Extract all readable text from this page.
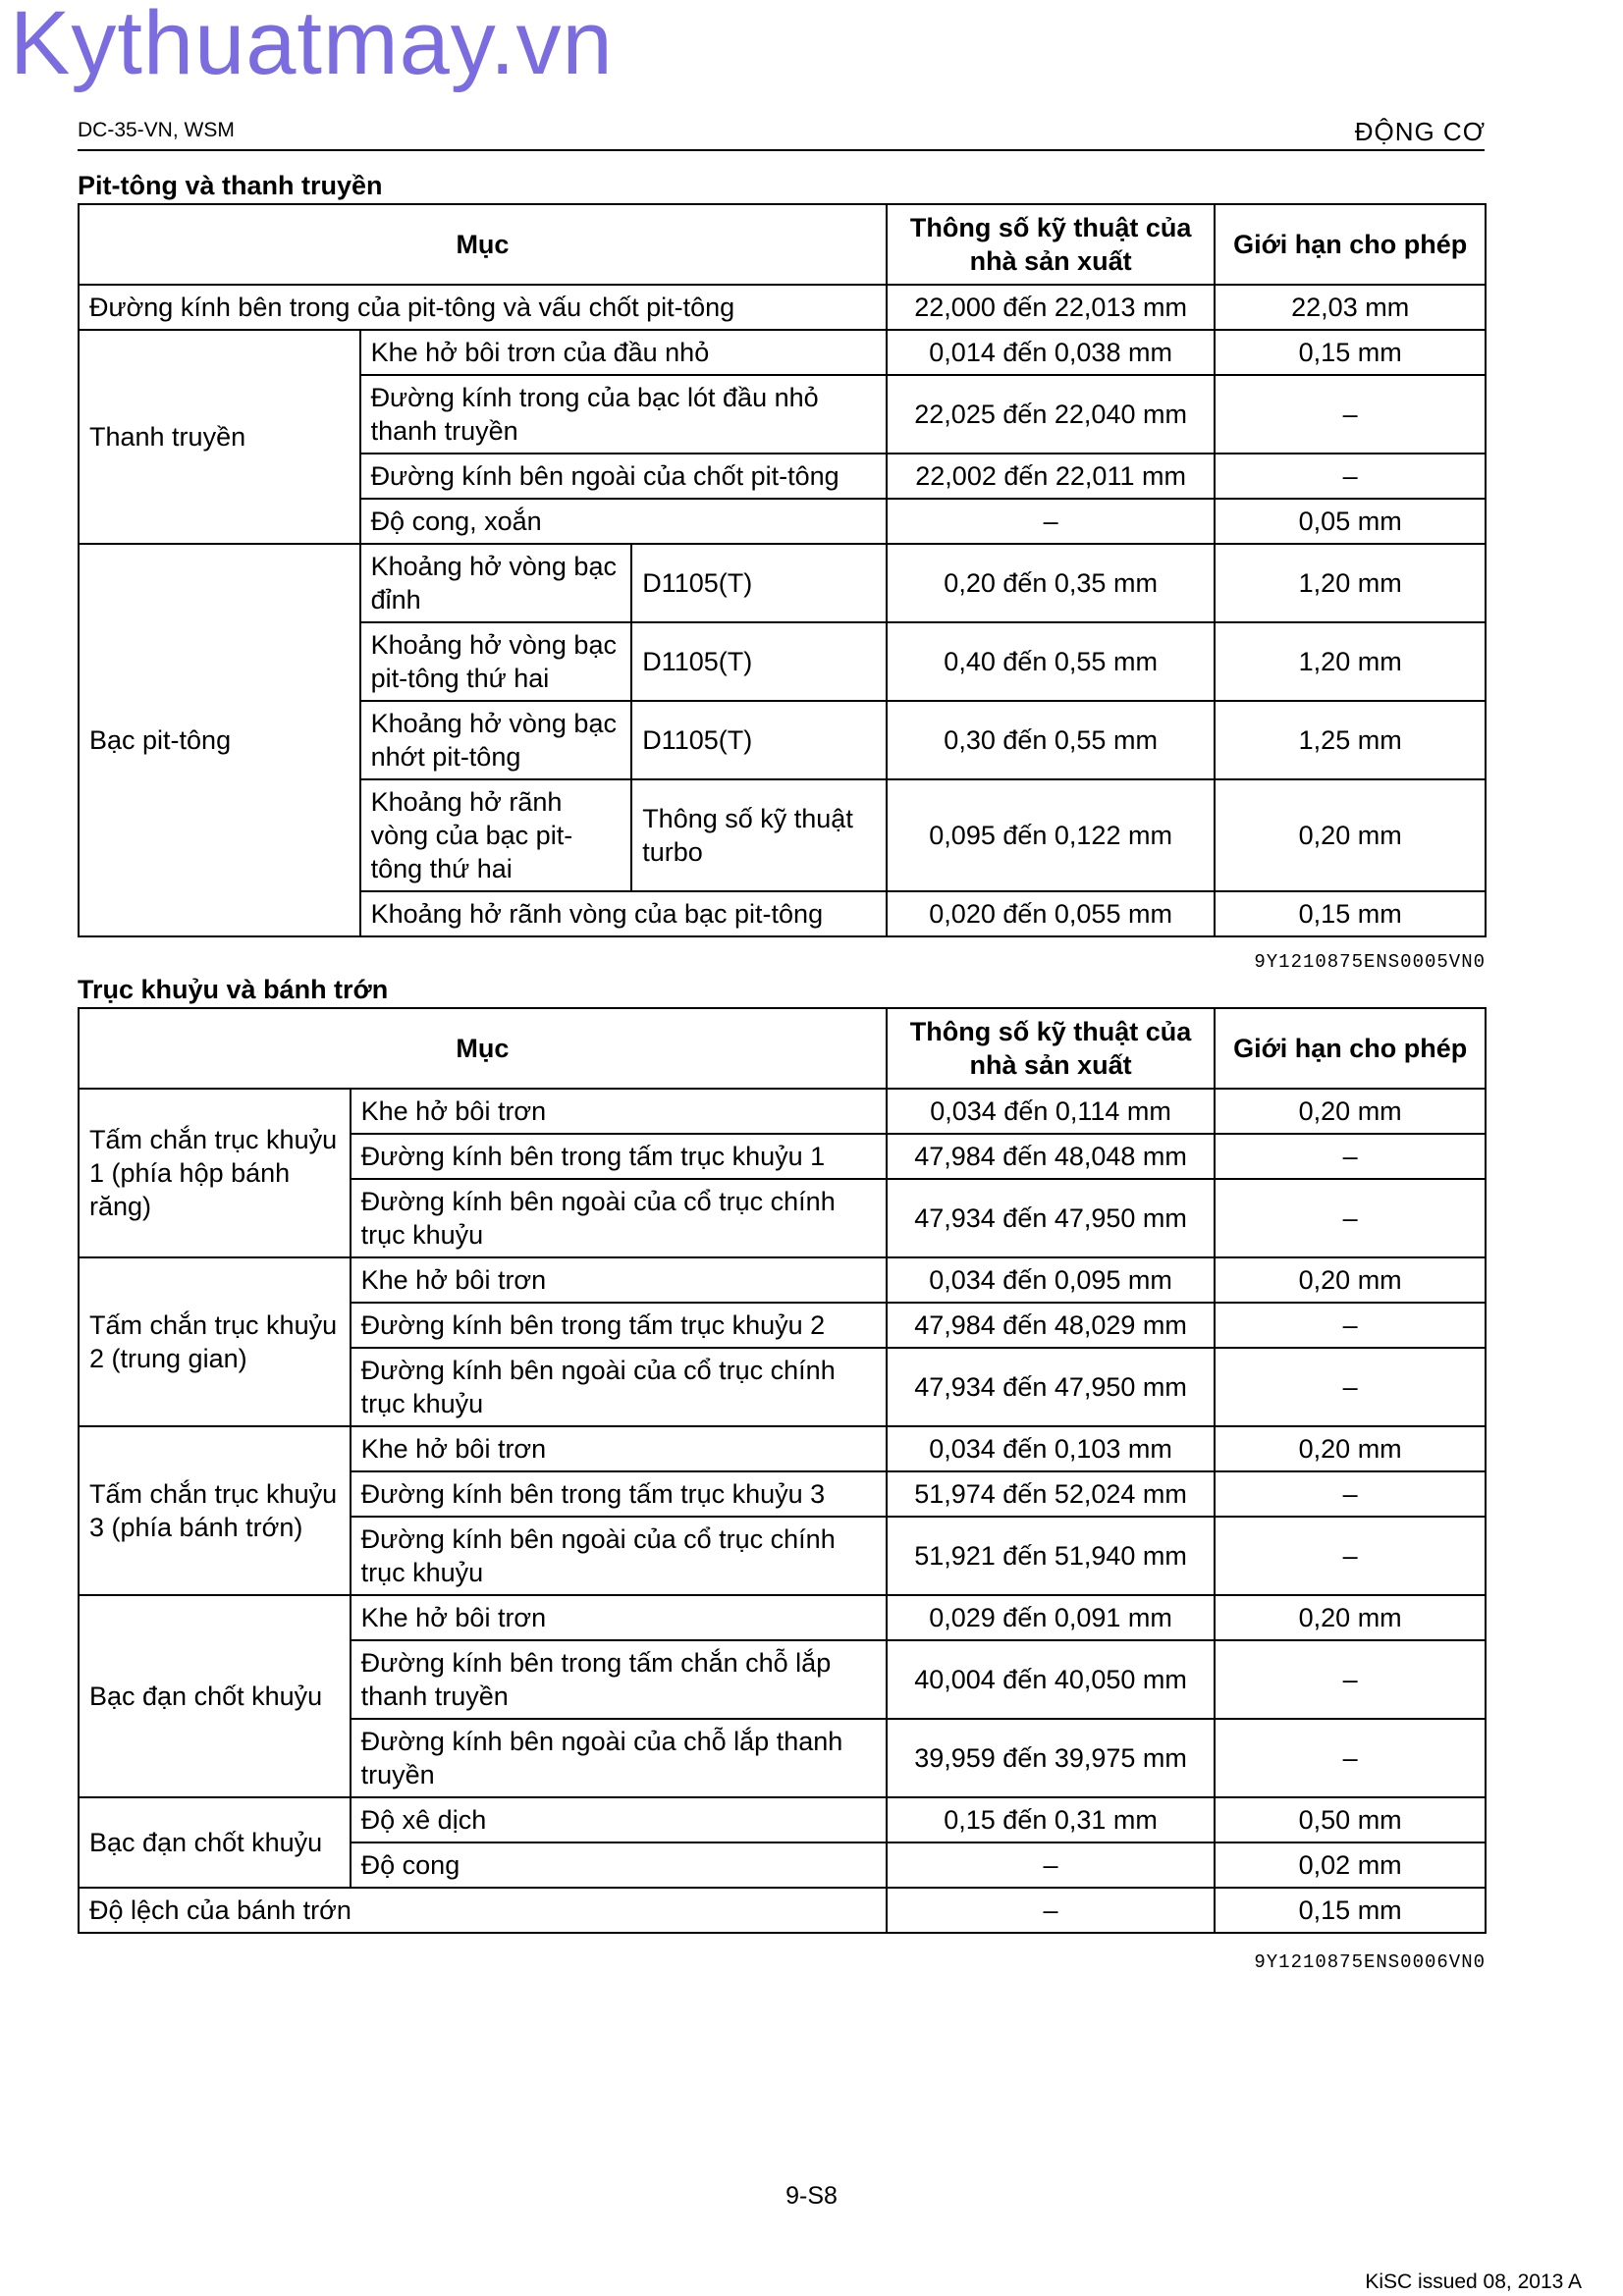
Kythuatmay.vn
DC-35-VN, WSM	ĐỘNG CƠ
Pit-tông và thanh truyền
Mục			Thông số kỹ thuật của nhà sản xuất	Giới hạn cho phép
Đường kính bên trong của pit-tông và vấu chốt pit-tông			22,000 đến 22,013 mm	22,03 mm
Thanh truyền	Khe hở bôi trơn của đầu nhỏ		0,014 đến 0,038 mm	0,15 mm
	Đường kính trong của bạc lót đầu nhỏ thanh truyền		22,025 đến 22,040 mm	–
	Đường kính bên ngoài của chốt pit-tông		22,002 đến 22,011 mm	–
	Độ cong, xoắn		–	0,05 mm
Bạc pit-tông	Khoảng hở vòng bạc đỉnh	D1105(T)	0,20 đến 0,35 mm	1,20 mm
	Khoảng hở vòng bạc pit-tông thứ hai	D1105(T)	0,40 đến 0,55 mm	1,20 mm
	Khoảng hở vòng bạc nhớt pit-tông	D1105(T)	0,30 đến 0,55 mm	1,25 mm
	Khoảng hở rãnh vòng của bạc pit-tông thứ hai	Thông số kỹ thuật turbo	0,095 đến 0,122 mm	0,20 mm
	Khoảng hở rãnh vòng của bạc pit-tông		0,020 đến 0,055 mm	0,15 mm
9Y1210875ENS0005VN0
Trục khuỷu và bánh trớn
Mục		Thông số kỹ thuật của nhà sản xuất	Giới hạn cho phép
Tấm chắn trục khuỷu 1 (phía hộp bánh răng)	Khe hở bôi trơn	0,034 đến 0,114 mm	0,20 mm
	Đường kính bên trong tấm trục khuỷu 1	47,984 đến 48,048 mm	–
	Đường kính bên ngoài của cổ trục chính trục khuỷu	47,934 đến 47,950 mm	–
Tấm chắn trục khuỷu 2 (trung gian)	Khe hở bôi trơn	0,034 đến 0,095 mm	0,20 mm
	Đường kính bên trong tấm trục khuỷu 2	47,984 đến 48,029 mm	–
	Đường kính bên ngoài của cổ trục chính trục khuỷu	47,934 đến 47,950 mm	–
Tấm chắn trục khuỷu 3 (phía bánh trớn)	Khe hở bôi trơn	0,034 đến 0,103 mm	0,20 mm
	Đường kính bên trong tấm trục khuỷu 3	51,974 đến 52,024 mm	–
	Đường kính bên ngoài của cổ trục chính trục khuỷu	51,921 đến 51,940 mm	–
Bạc đạn chốt khuỷu	Khe hở bôi trơn	0,029 đến 0,091 mm	0,20 mm
	Đường kính bên trong tấm chắn chỗ lắp thanh truyền	40,004 đến 40,050 mm	–
	Đường kính bên ngoài của chỗ lắp thanh truyền	39,959 đến 39,975 mm	–
Bạc đạn chốt khuỷu	Độ xê dịch	0,15 đến 0,31 mm	0,50 mm
	Độ cong	–	0,02 mm
Độ lệch của bánh trớn		–	0,15 mm
9Y1210875ENS0006VN0
9-S8
KiSC issued 08, 2013 A
